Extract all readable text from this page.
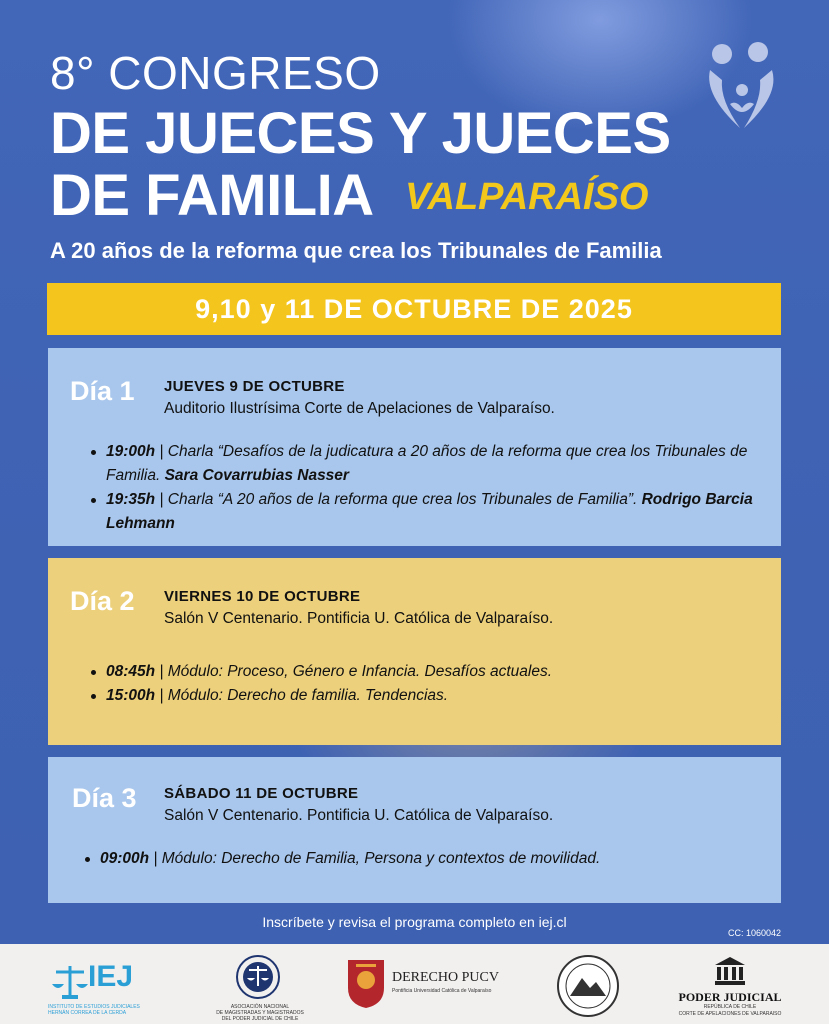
8° CONGRESO
DE JUECES Y JUECES
DE FAMILIA VALPARAÍSO
A 20 años de la reforma que crea los Tribunales de Familia
9,10 y 11 DE OCTUBRE DE 2025
Día 1 JUEVES 9 DE OCTUBRE
Auditorio Ilustrísima Corte de Apelaciones de Valparaíso.
19:00h | Charla “Desafíos de la judicatura a 20 años de la reforma que crea los Tribunales de Familia. Sara Covarrubias Nasser
19:35h | Charla “A 20 años de la reforma que crea los Tribunales de Familia”. Rodrigo Barcia Lehmann
Día 2 VIERNES 10 DE OCTUBRE
Salón V Centenario. Pontificia U. Católica de Valparaíso.
08:45h | Módulo: Proceso, Género e Infancia. Desafíos actuales.
15:00h | Módulo: Derecho de familia. Tendencias.
Día 3 SÁBADO 11 DE OCTUBRE
Salón V Centenario. Pontificia U. Católica de Valparaíso.
09:00h | Módulo: Derecho de Familia, Persona y contextos de movilidad.
Inscríbete y revisa el programa completo en iej.cl
CC: 1060042
IEJ
INSTITUTO DE ESTUDIOS JUDICIALES
HERNÁN CORREA DE LA CERDA
ASOCIACIÓN NACIONAL
DE MAGISTRADAS Y MAGISTRADOS
DEL PODER JUDICIAL DE CHILE
DERECHO PUCV
Pontificia Universidad Católica de Valparaíso	PODER JUDICIAL
REPÚBLICA DE CHILE
CORTE DE APELACIONES DE VALPARAISO
